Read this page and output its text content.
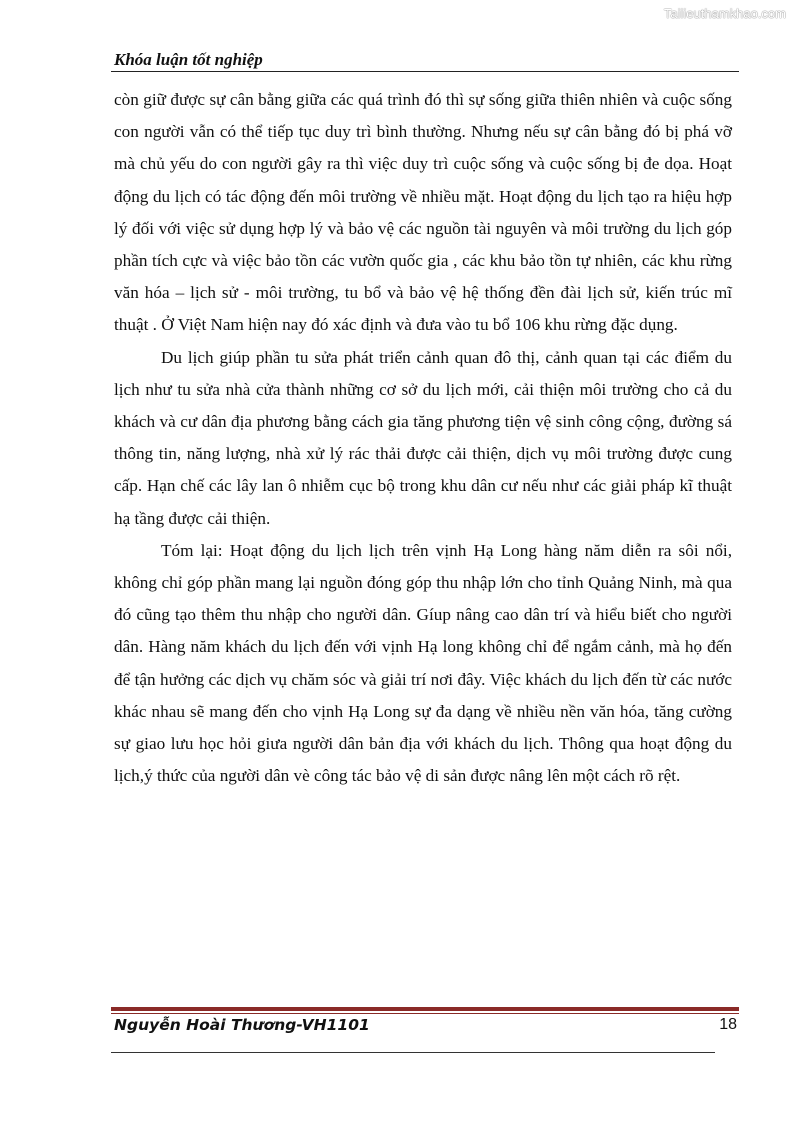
Tailieuthamkhao.com
Khóa luận tốt nghiệp

còn giữ được sự cân bằng giữa các quá trình đó thì sự sống giữa thiên nhiên và cuộc sống con người vẫn có thể tiếp tục duy trì bình thường. Nhưng nếu sự cân bằng đó bị phá vỡ mà chủ yếu do con người gây ra thì việc duy trì cuộc sống và cuộc sống bị đe dọa. Hoạt động du lịch có tác động đến môi trường về nhiều mặt. Hoạt động du lịch tạo ra hiệu hợp lý đối với việc sử dụng hợp lý và bảo vệ các nguồn tài nguyên và môi trường du lịch góp phần tích cực và việc bảo tồn các vườn quốc gia , các khu bảo tồn tự nhiên, các khu rừng văn hóa – lịch sử - môi trường, tu bổ và bảo vệ hệ thống đền đài lịch sử, kiến trúc mĩ thuật . Ở Việt Nam hiện nay đó xác định và đưa vào tu bổ 106 khu rừng đặc dụng.

Du lịch giúp phần tu sửa phát triển cảnh quan đô thị, cảnh quan tại các điểm du lịch như tu sửa nhà cửa thành những cơ sở du lịch mới, cải thiện môi trường cho cả du khách và cư dân địa phương bằng cách gia tăng phương tiện vệ sinh công cộng, đường sá thông tin, năng lượng, nhà xử lý rác thải được cải thiện, dịch vụ môi trường được cung cấp. Hạn chế các lây lan ô nhiễm cục bộ trong khu dân cư nếu như các giải pháp kĩ thuật hạ tầng được cải thiện.

Tóm lại: Hoạt động du lịch lịch trên vịnh Hạ Long hàng năm diễn ra sôi nổi, không chỉ góp phần mang lại nguồn đóng góp thu nhập lớn cho tỉnh Quảng Ninh, mà qua đó cũng tạo thêm thu nhập cho người dân. Gíup nâng cao dân trí và hiểu biết cho người dân. Hàng năm khách du lịch đến với vịnh Hạ long không chỉ để ngắm cảnh, mà họ đến để tận hưởng các dịch vụ chăm sóc và giải trí nơi đây. Việc khách du lịch đến từ các nước khác nhau sẽ mang đến cho vịnh Hạ Long sự đa dạng về nhiều nền văn hóa, tăng cường sự giao lưu học hỏi giưa người dân bản địa với khách du lịch. Thông qua hoạt động du lịch,ý thức của người dân vè công tác bảo vệ di sản được nâng lên một cách rõ rệt.

Nguyễn Hoài Thương-VH1101	18
